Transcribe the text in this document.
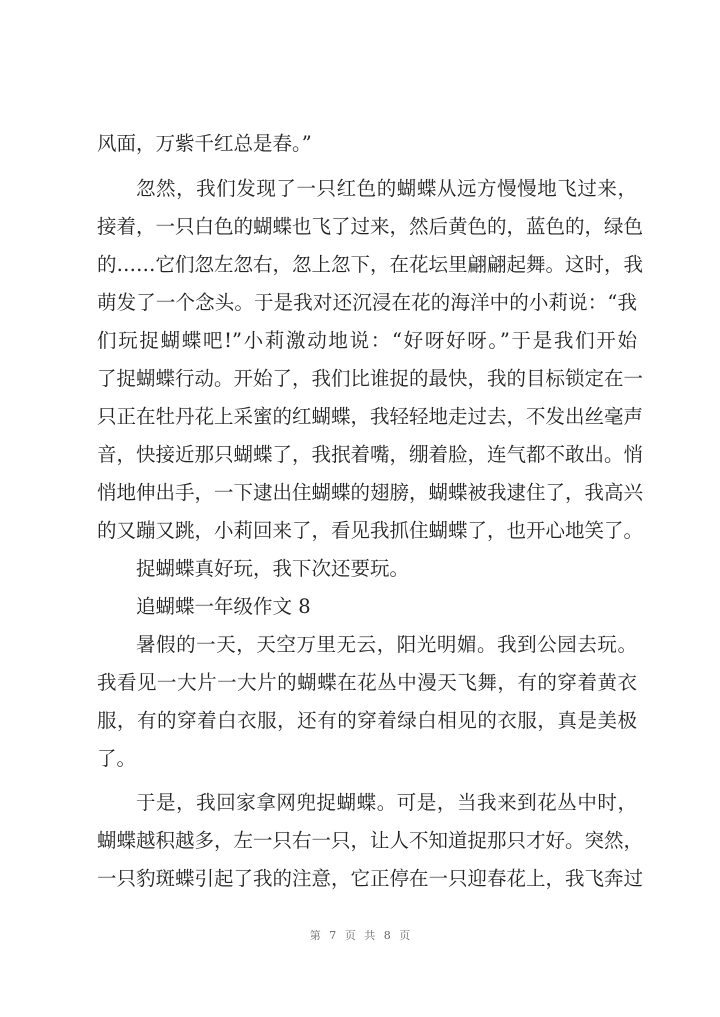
风面，万紫千红总是春。”
忽然，我们发现了一只红色的蝴蝶从远方慢慢地飞过来，
接着，一只白色的蝴蝶也飞了过来，然后黄色的，蓝色的，绿色
的……它们忽左忽右，忽上忽下，在花坛里翩翩起舞。这时，我
萌发了一个念头。于是我对还沉浸在花的海洋中的小莉说：“我
们玩捉蝴蝶吧!”小莉激动地说：“好呀好呀。”于是我们开始
了捉蝴蝶行动。开始了，我们比谁捉的最快，我的目标锁定在一
只正在牡丹花上采蜜的红蝴蝶，我轻轻地走过去，不发出丝毫声
音，快接近那只蝴蝶了，我抿着嘴，绷着脸，连气都不敢出。悄
悄地伸出手，一下逮出住蝴蝶的翅膀，蝴蝶被我逮住了，我高兴
的又蹦又跳，小莉回来了，看见我抓住蝴蝶了，也开心地笑了。
捉蝴蝶真好玩，我下次还要玩。
追蝴蝶一年级作文 8
暑假的一天，天空万里无云，阳光明媚。我到公园去玩。
我看见一大片一大片的蝴蝶在花丛中漫天飞舞，有的穿着黄衣
服，有的穿着白衣服，还有的穿着绿白相见的衣服，真是美极
了。
于是，我回家拿网兜捉蝴蝶。可是，当我来到花丛中时，
蝴蝶越积越多，左一只右一只，让人不知道捉那只才好。突然，
一只豹斑蝶引起了我的注意，它正停在一只迎春花上，我飞奔过
第 7 页 共 8 页
